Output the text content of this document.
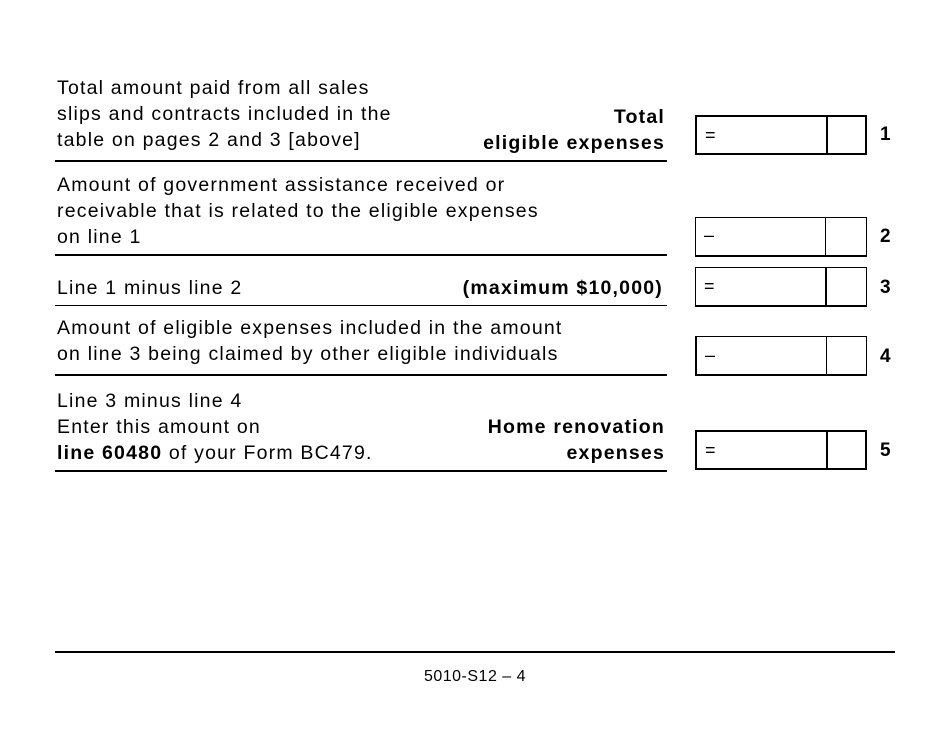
Total amount paid from all sales
slips and contracts included in the
table on pages 2 and 3 [above]
Total
eligible expenses =	1
Amount of government assistance received or
receivable that is related to the eligible expenses
on line 1	–	2
Line 1 minus line 2	(maximum $10,000) =	3
Amount of eligible expenses included in the amount
on line 3 being claimed by other eligible individuals	–	4
Line 3 minus line 4
Enter this amount on
line 60480 of your Form BC479.
Home renovation
expenses =	5
5010-S12 – 4
